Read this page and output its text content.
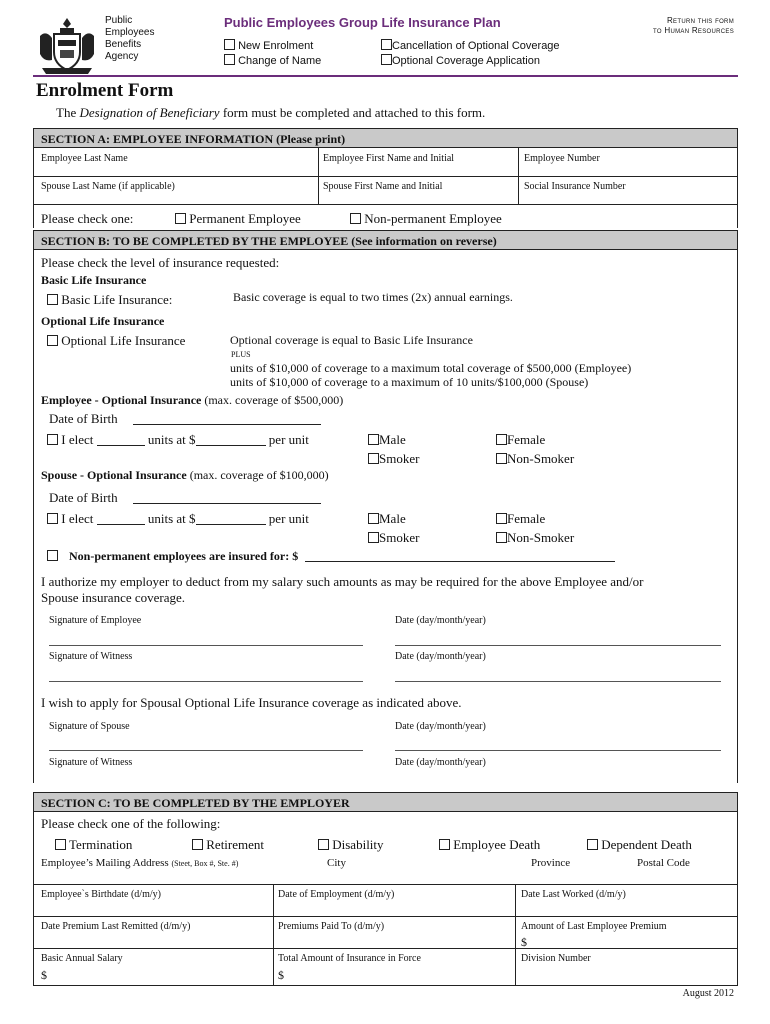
Public
Employees
Benefits
Agency
Public Employees Group Life Insurance Plan	Return this form
to Human Resources
New Enrolment
Change of Name
Cancellation of Optional Coverage
Optional Coverage Application
Enrolment Form
The Designation of Beneficiary form must be completed and attached to this form.
SECTION A: EMPLOYEE INFORMATION (Please print)
Employee Last Name	Employee First Name and Initial	Employee Number
Spouse Last Name (if applicable)	Spouse First Name and Initial	Social Insurance Number
Please check one:	Permanent Employee	Non-permanent Employee
SECTION B: TO BE COMPLETED BY THE EMPLOYEE (See information on reverse)
Please check the level of insurance requested:
Basic Life Insurance
Basic Life Insurance:	Basic coverage is equal to two times (2x) annual earnings.
Optional Life Insurance
Optional Life Insurance	Optional coverage is equal to Basic Life Insurance
PLUS
units of $10,000 of coverage to a maximum total coverage of $500,000 (Employee)
units of $10,000 of coverage to a maximum of 10 units/$100,000 (Spouse)
Employee - Optional Insurance (max. coverage of $500,000)
Date of Birth
I elect	units at $	per unit	Male	Female
Smoker	Non-Smoker
Spouse - Optional Insurance (max. coverage of $100,000)
Date of Birth
I elect	units at $	per unit	Male	Female
Smoker	Non-Smoker
Non-permanent employees are insured for: $
I authorize my employer to deduct from my salary such amounts as may be required for the above Employee and/or
Spouse insurance coverage.
Signature of Employee	Date (day/month/year)
Signature of Witness	Date (day/month/year)
I wish to apply for Spousal Optional Life Insurance coverage as indicated above.
Signature of Spouse	Date (day/month/year)
Signature of Witness	Date (day/month/year)
SECTION C: TO BE COMPLETED BY THE EMPLOYER
Please check one of the following:
Termination	Retirement	Disability	Employee Death	Dependent Death
Employee’s Mailing Address (Steet, Box #, Ste. #)	City	Province	Postal Code
Employee`s Birthdate (d/m/y)	Date of Employment (d/m/y)	Date Last Worked (d/m/y)
Date Premium Last Remitted (d/m/y)	Premiums Paid To (d/m/y)	Amount of Last Employee Premium
$
Basic Annual Salary	Total Amount of Insurance in Force	Division Number
$	$
August 2012
